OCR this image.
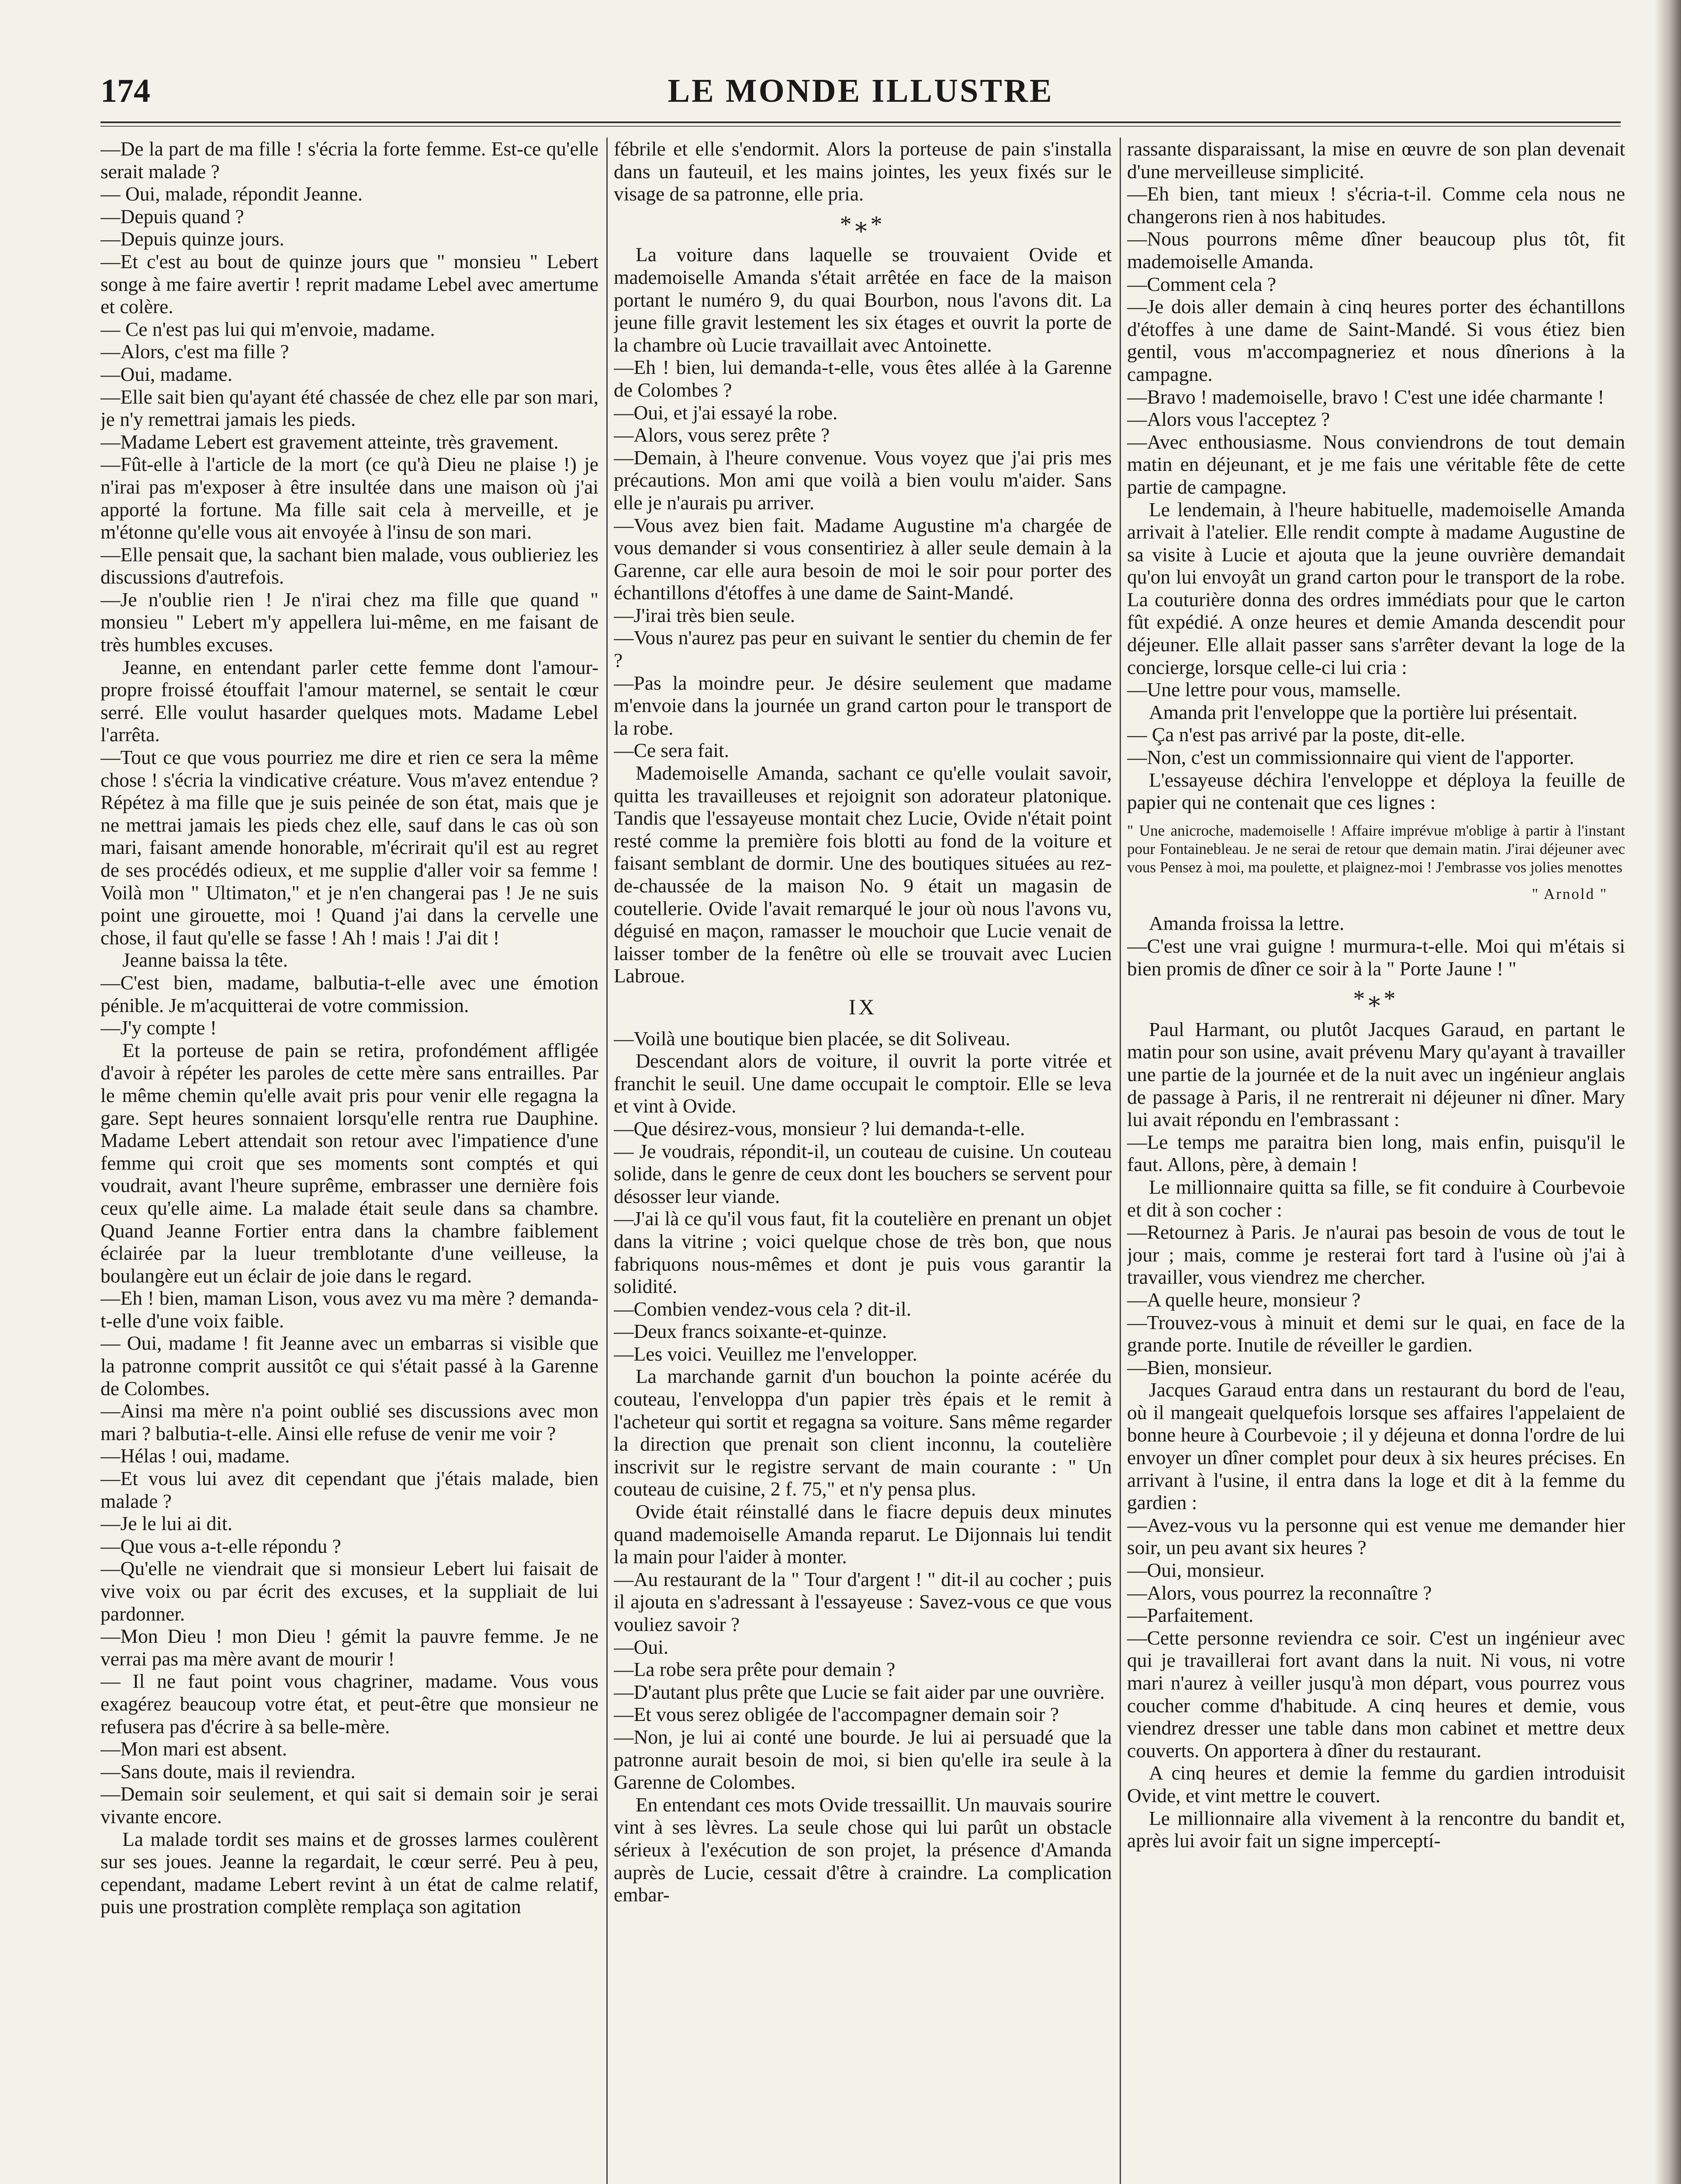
174	LE MONDE ILLUSTRE

—De la part de ma fille ! s'écria la forte femme. Est-ce qu'elle serait malade ?

— Oui, malade, répondit Jeanne.

—Depuis quand ?

—Depuis quinze jours.

—Et c'est au bout de quinze jours que " monsieu " Lebert songe à me faire avertir ! reprit madame Lebel avec amertume et colère.

— Ce n'est pas lui qui m'envoie, madame.

—Alors, c'est ma fille ?

—Oui, madame.

—Elle sait bien qu'ayant été chassée de chez elle par son mari, je n'y remettrai jamais les pieds.

—Madame Lebert est gravement atteinte, très gravement.

—Fût-elle à l'article de la mort (ce qu'à Dieu ne plaise !) je n'irai pas m'exposer à être insultée dans une maison où j'ai apporté la fortune. Ma fille sait cela à merveille, et je m'étonne qu'elle vous ait envoyée à l'insu de son mari.

—Elle pensait que, la sachant bien malade, vous oublieriez les discussions d'autrefois.

—Je n'oublie rien ! Je n'irai chez ma fille que quand " monsieu " Lebert m'y appellera lui-même, en me faisant de très humbles excuses.

Jeanne, en entendant parler cette femme dont l'amour-propre froissé étouffait l'amour maternel, se sentait le cœur serré. Elle voulut hasarder quelques mots. Madame Lebel l'arrêta.

—Tout ce que vous pourriez me dire et rien ce sera la même chose ! s'écria la vindicative créature. Vous m'avez entendue ? Répétez à ma fille que je suis peinée de son état, mais que je ne mettrai jamais les pieds chez elle, sauf dans le cas où son mari, faisant amende honorable, m'écrirait qu'il est au regret de ses procédés odieux, et me supplie d'aller voir sa femme ! Voilà mon " Ultimaton," et je n'en changerai pas ! Je ne suis point une girouette, moi ! Quand j'ai dans la cervelle une chose, il faut qu'elle se fasse ! Ah ! mais ! J'ai dit !

Jeanne baissa la tête.

—C'est bien, madame, balbutia-t-elle avec une émotion pénible. Je m'acquitterai de votre commission.

—J'y compte !

Et la porteuse de pain se retira, profondément affligée d'avoir à répéter les paroles de cette mère sans entrailles. Par le même chemin qu'elle avait pris pour venir elle regagna la gare. Sept heures sonnaient lorsqu'elle rentra rue Dauphine. Madame Lebert attendait son retour avec l'impatience d'une femme qui croit que ses moments sont comptés et qui voudrait, avant l'heure suprême, embrasser une dernière fois ceux qu'elle aime. La malade était seule dans sa chambre. Quand Jeanne Fortier entra dans la chambre faiblement éclairée par la lueur tremblotante d'une veilleuse, la boulangère eut un éclair de joie dans le regard.

—Eh ! bien, maman Lison, vous avez vu ma mère ? demanda-t-elle d'une voix faible.

— Oui, madame ! fit Jeanne avec un embarras si visible que la patronne comprit aussitôt ce qui s'était passé à la Garenne de Colombes.

—Ainsi ma mère n'a point oublié ses discussions avec mon mari ? balbutia-t-elle. Ainsi elle refuse de venir me voir ?

—Hélas ! oui, madame.

—Et vous lui avez dit cependant que j'étais malade, bien malade ?

—Je le lui ai dit.

—Que vous a-t-elle répondu ?

—Qu'elle ne viendrait que si monsieur Lebert lui faisait de vive voix ou par écrit des excuses, et la suppliait de lui pardonner.

—Mon Dieu ! mon Dieu ! gémit la pauvre femme. Je ne verrai pas ma mère avant de mourir !

— Il ne faut point vous chagriner, madame. Vous vous exagérez beaucoup votre état, et peut-être que monsieur ne refusera pas d'écrire à sa belle-mère.

—Mon mari est absent.

—Sans doute, mais il reviendra.

—Demain soir seulement, et qui sait si demain soir je serai vivante encore.

La malade tordit ses mains et de grosses larmes coulèrent sur ses joues. Jeanne la regardait, le cœur serré. Peu à peu, cependant, madame Lebert revint à un état de calme relatif, puis une prostration complète remplaça son agitation

fébrile et elle s'endormit. Alors la porteuse de pain s'installa dans un fauteuil, et les mains jointes, les yeux fixés sur le visage de sa patronne, elle pria.

*⁎*

La voiture dans laquelle se trouvaient Ovide et mademoiselle Amanda s'était arrêtée en face de la maison portant le numéro 9, du quai Bourbon, nous l'avons dit. La jeune fille gravit lestement les six étages et ouvrit la porte de la chambre où Lucie travaillait avec Antoinette.

—Eh ! bien, lui demanda-t-elle, vous êtes allée à la Garenne de Colombes ?

—Oui, et j'ai essayé la robe.

—Alors, vous serez prête ?

—Demain, à l'heure convenue. Vous voyez que j'ai pris mes précautions. Mon ami que voilà a bien voulu m'aider. Sans elle je n'aurais pu arriver.

—Vous avez bien fait. Madame Augustine m'a chargée de vous demander si vous consentiriez à aller seule demain à la Garenne, car elle aura besoin de moi le soir pour porter des échantillons d'étoffes à une dame de Saint-Mandé.

—J'irai très bien seule.

—Vous n'aurez pas peur en suivant le sentier du chemin de fer ?

—Pas la moindre peur. Je désire seulement que madame m'envoie dans la journée un grand carton pour le transport de la robe.

—Ce sera fait.

Mademoiselle Amanda, sachant ce qu'elle voulait savoir, quitta les travailleuses et rejoignit son adorateur platonique. Tandis que l'essayeuse montait chez Lucie, Ovide n'était point resté comme la première fois blotti au fond de la voiture et faisant semblant de dormir. Une des boutiques situées au rez-de-chaussée de la maison No. 9 était un magasin de coutellerie. Ovide l'avait remarqué le jour où nous l'avons vu, déguisé en maçon, ramasser le mouchoir que Lucie venait de laisser tomber de la fenêtre où elle se trouvait avec Lucien Labroue.

IX

—Voilà une boutique bien placée, se dit Soliveau.

Descendant alors de voiture, il ouvrit la porte vitrée et franchit le seuil. Une dame occupait le comptoir. Elle se leva et vint à Ovide.

—Que désirez-vous, monsieur ? lui demanda-t-elle.

— Je voudrais, répondit-il, un couteau de cuisine. Un couteau solide, dans le genre de ceux dont les bouchers se servent pour désosser leur viande.

—J'ai là ce qu'il vous faut, fit la coutelière en prenant un objet dans la vitrine ; voici quelque chose de très bon, que nous fabriquons nous-mêmes et dont je puis vous garantir la solidité.

—Combien vendez-vous cela ? dit-il.

—Deux francs soixante-et-quinze.

—Les voici. Veuillez me l'envelopper.

La marchande garnit d'un bouchon la pointe acérée du couteau, l'enveloppa d'un papier très épais et le remit à l'acheteur qui sortit et regagna sa voiture. Sans même regarder la direction que prenait son client inconnu, la coutelière inscrivit sur le registre servant de main courante : " Un couteau de cuisine, 2 f. 75," et n'y pensa plus.

Ovide était réinstallé dans le fiacre depuis deux minutes quand mademoiselle Amanda reparut. Le Dijonnais lui tendit la main pour l'aider à monter.

—Au restaurant de la " Tour d'argent ! " dit-il au cocher ; puis il ajouta en s'adressant à l'essayeuse : Savez-vous ce que vous vouliez savoir ?

—Oui.

—La robe sera prête pour demain ?

—D'autant plus prête que Lucie se fait aider par une ouvrière.

—Et vous serez obligée de l'accompagner demain soir ?

—Non, je lui ai conté une bourde. Je lui ai persuadé que la patronne aurait besoin de moi, si bien qu'elle ira seule à la Garenne de Colombes.

En entendant ces mots Ovide tressaillit. Un mauvais sourire vint à ses lèvres. La seule chose qui lui parût un obstacle sérieux à l'exécution de son projet, la présence d'Amanda auprès de Lucie, cessait d'être à craindre. La complication embar-

rassante disparaissant, la mise en œuvre de son plan devenait d'une merveilleuse simplicité.

—Eh bien, tant mieux ! s'écria-t-il. Comme cela nous ne changerons rien à nos habitudes.

—Nous pourrons même dîner beaucoup plus tôt, fit mademoiselle Amanda.

—Comment cela ?

—Je dois aller demain à cinq heures porter des échantillons d'étoffes à une dame de Saint-Mandé. Si vous étiez bien gentil, vous m'accompagneriez et nous dînerions à la campagne.

—Bravo ! mademoiselle, bravo ! C'est une idée charmante !

—Alors vous l'acceptez ?

—Avec enthousiasme. Nous conviendrons de tout demain matin en déjeunant, et je me fais une véritable fête de cette partie de campagne.

Le lendemain, à l'heure habituelle, mademoiselle Amanda arrivait à l'atelier. Elle rendit compte à madame Augustine de sa visite à Lucie et ajouta que la jeune ouvrière demandait qu'on lui envoyât un grand carton pour le transport de la robe. La couturière donna des ordres immédiats pour que le carton fût expédié. A onze heures et demie Amanda descendit pour déjeuner. Elle allait passer sans s'arrêter devant la loge de la concierge, lorsque celle-ci lui cria :

—Une lettre pour vous, mamselle.

Amanda prit l'enveloppe que la portière lui présentait.

— Ça n'est pas arrivé par la poste, dit-elle.

—Non, c'est un commissionnaire qui vient de l'apporter.

L'essayeuse déchira l'enveloppe et déploya la feuille de papier qui ne contenait que ces lignes :

" Une anicroche, mademoiselle ! Affaire imprévue m'oblige à partir à l'instant pour Fontainebleau. Je ne serai de retour que demain matin. J'irai déjeuner avec vous Pensez à moi, ma poulette, et plaignez-moi ! J'embrasse vos jolies menottes

" Arnold "

Amanda froissa la lettre.

—C'est une vrai guigne ! murmura-t-elle. Moi qui m'étais si bien promis de dîner ce soir à la " Porte Jaune ! "

*⁎*

Paul Harmant, ou plutôt Jacques Garaud, en partant le matin pour son usine, avait prévenu Mary qu'ayant à travailler une partie de la journée et de la nuit avec un ingénieur anglais de passage à Paris, il ne rentrerait ni déjeuner ni dîner. Mary lui avait répondu en l'embrassant :

—Le temps me paraitra bien long, mais enfin, puisqu'il le faut. Allons, père, à demain !

Le millionnaire quitta sa fille, se fit conduire à Courbevoie et dit à son cocher :

—Retournez à Paris. Je n'aurai pas besoin de vous de tout le jour ; mais, comme je resterai fort tard à l'usine où j'ai à travailler, vous viendrez me chercher.

—A quelle heure, monsieur ?

—Trouvez-vous à minuit et demi sur le quai, en face de la grande porte. Inutile de réveiller le gardien.

—Bien, monsieur.

Jacques Garaud entra dans un restaurant du bord de l'eau, où il mangeait quelquefois lorsque ses affaires l'appelaient de bonne heure à Courbevoie ; il y déjeuna et donna l'ordre de lui envoyer un dîner complet pour deux à six heures précises. En arrivant à l'usine, il entra dans la loge et dit à la femme du gardien :

—Avez-vous vu la personne qui est venue me demander hier soir, un peu avant six heures ?

—Oui, monsieur.

—Alors, vous pourrez la reconnaître ?

—Parfaitement.

—Cette personne reviendra ce soir. C'est un ingénieur avec qui je travaillerai fort avant dans la nuit. Ni vous, ni votre mari n'aurez à veiller jusqu'à mon départ, vous pourrez vous coucher comme d'habitude. A cinq heures et demie, vous viendrez dresser une table dans mon cabinet et mettre deux couverts. On apportera à dîner du restaurant.

A cinq heures et demie la femme du gardien introduisit Ovide, et vint mettre le couvert.

Le millionnaire alla vivement à la rencontre du bandit et, après lui avoir fait un signe imperceptí-
